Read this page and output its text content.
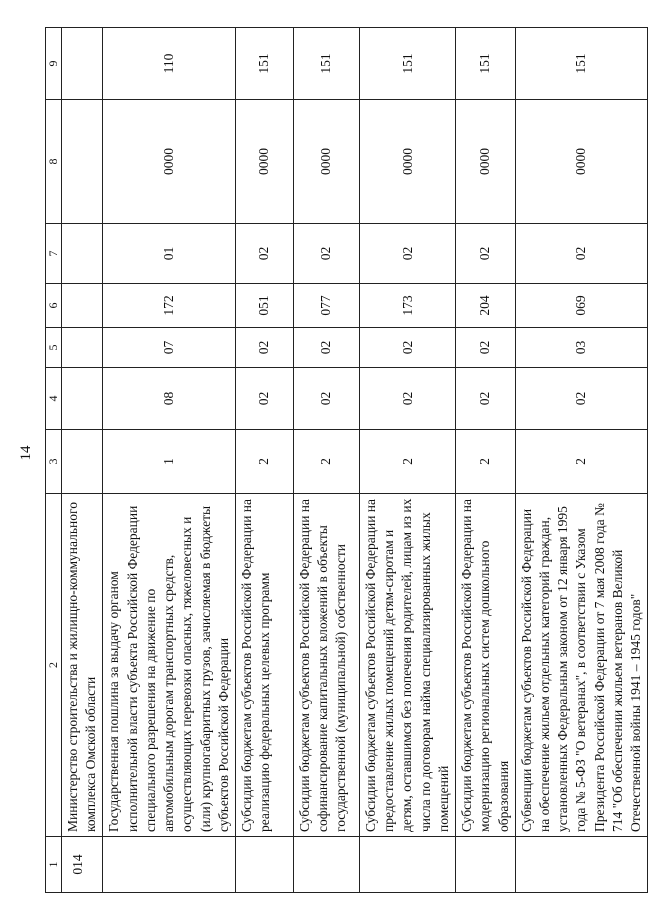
14
1	2	3	4	5	6	7	8	9
014	Министерство строительства и жилищно-коммунального комплекса Омской области							
	Государственная пошлина за выдачу органом исполнительной власти субъекта Российской Федерации специального разрешения на движение по автомобильным дорогам транспортных средств, осуществляющих перевозки опасных, тяжеловесных и (или) крупногабаритных грузов, зачисляемая в бюджеты субъектов Российской Федерации	1	08	07	172	01	0000	110
	Субсидии бюджетам субъектов Российской Федерации на реализацию федеральных целевых программ	2	02	02	051	02	0000	151
	Субсидии бюджетам субъектов Российской Федерации на софинансирование капитальных вложений в объекты государственной (муниципальной) собственности	2	02	02	077	02	0000	151
	Субсидии бюджетам субъектов Российской Федерации на предоставление жилых помещений детям-сиротам и детям, оставшимся без попечения родителей, лицам из их числа по договорам найма специализированных жилых помещений	2	02	02	173	02	0000	151
	Субсидии бюджетам субъектов Российской Федерации на модернизацию региональных систем дошкольного образования	2	02	02	204	02	0000	151
	Субвенции бюджетам субъектов Российской Федерации на обеспечение жильем отдельных категорий граждан, установленных Федеральным законом от 12 января 1995 года № 5-ФЗ "О ветеранах", в соответствии с Указом Президента Российской Федерации от 7 мая 2008 года № 714 "Об обеспечении жильем ветеранов Великой Отечественной войны 1941 – 1945 годов"	2	02	03	069	02	0000	151
